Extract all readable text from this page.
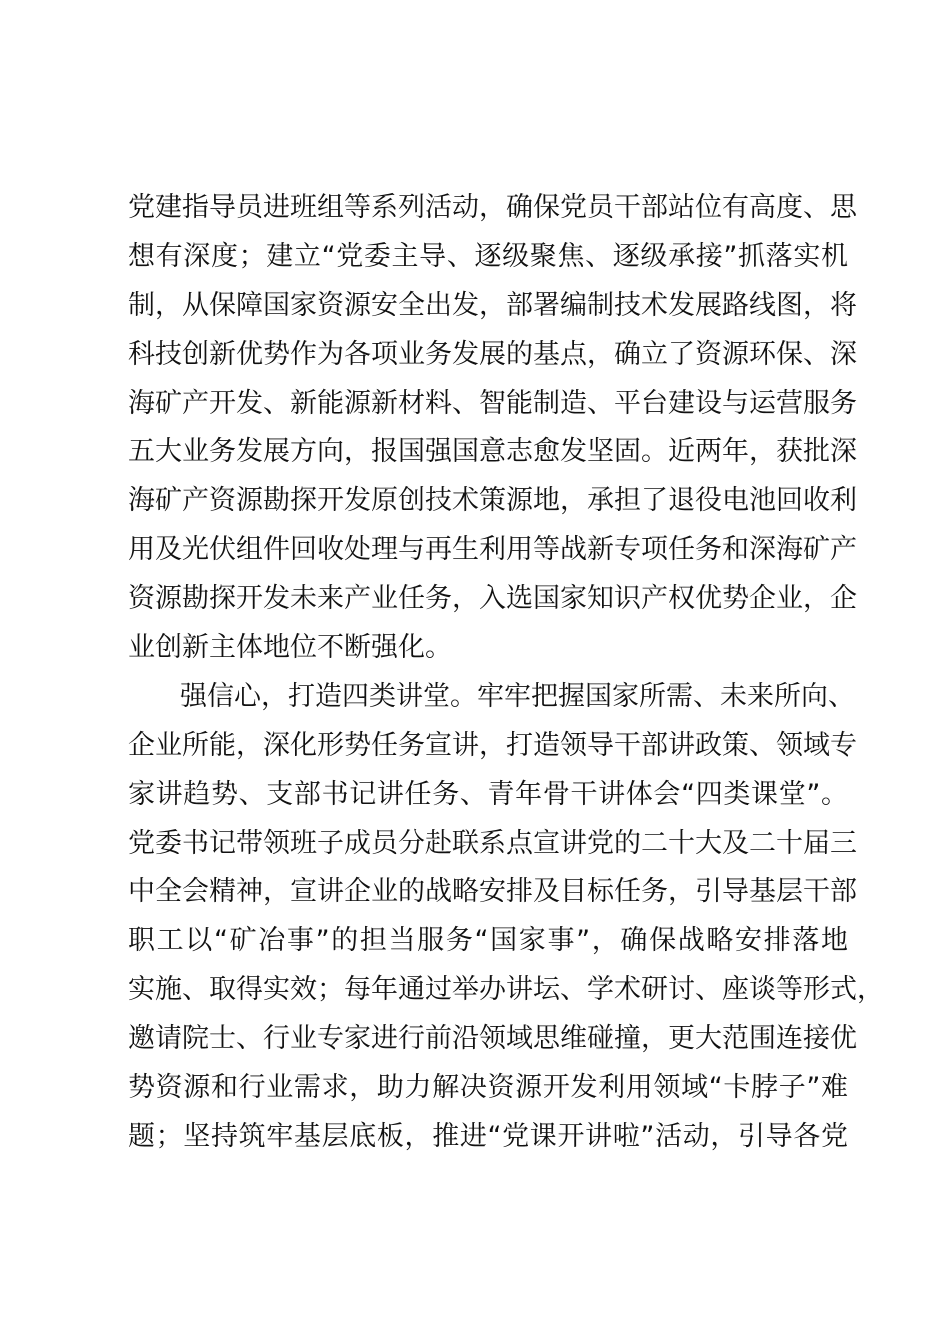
党建指导员进班组等系列活动，确保党员干部站位有高度、思
想有深度；建立“党委主导、逐级聚焦、逐级承接”抓落实机
制，从保障国家资源安全出发，部署编制技术发展路线图，将
科技创新优势作为各项业务发展的基点，确立了资源环保、深
海矿产开发、新能源新材料、智能制造、平台建设与运营服务
五大业务发展方向，报国强国意志愈发坚固。近两年，获批深
海矿产资源勘探开发原创技术策源地，承担了退役电池回收利
用及光伏组件回收处理与再生利用等战新专项任务和深海矿产
资源勘探开发未来产业任务，入选国家知识产权优势企业，企
业创新主体地位不断强化。
强信心，打造四类讲堂。牢牢把握国家所需、未来所向、
企业所能，深化形势任务宣讲，打造领导干部讲政策、领域专
家讲趋势、支部书记讲任务、青年骨干讲体会“四类课堂”。
党委书记带领班子成员分赴联系点宣讲党的二十大及二十届三
中全会精神，宣讲企业的战略安排及目标任务，引导基层干部
职工以“矿冶事”的担当服务“国家事”，确保战略安排落地
实施、取得实效；每年通过举办讲坛、学术研讨、座谈等形式，
邀请院士、行业专家进行前沿领域思维碰撞，更大范围连接优
势资源和行业需求，助力解决资源开发利用领域“卡脖子”难
题；坚持筑牢基层底板，推进“党课开讲啦”活动，引导各党
